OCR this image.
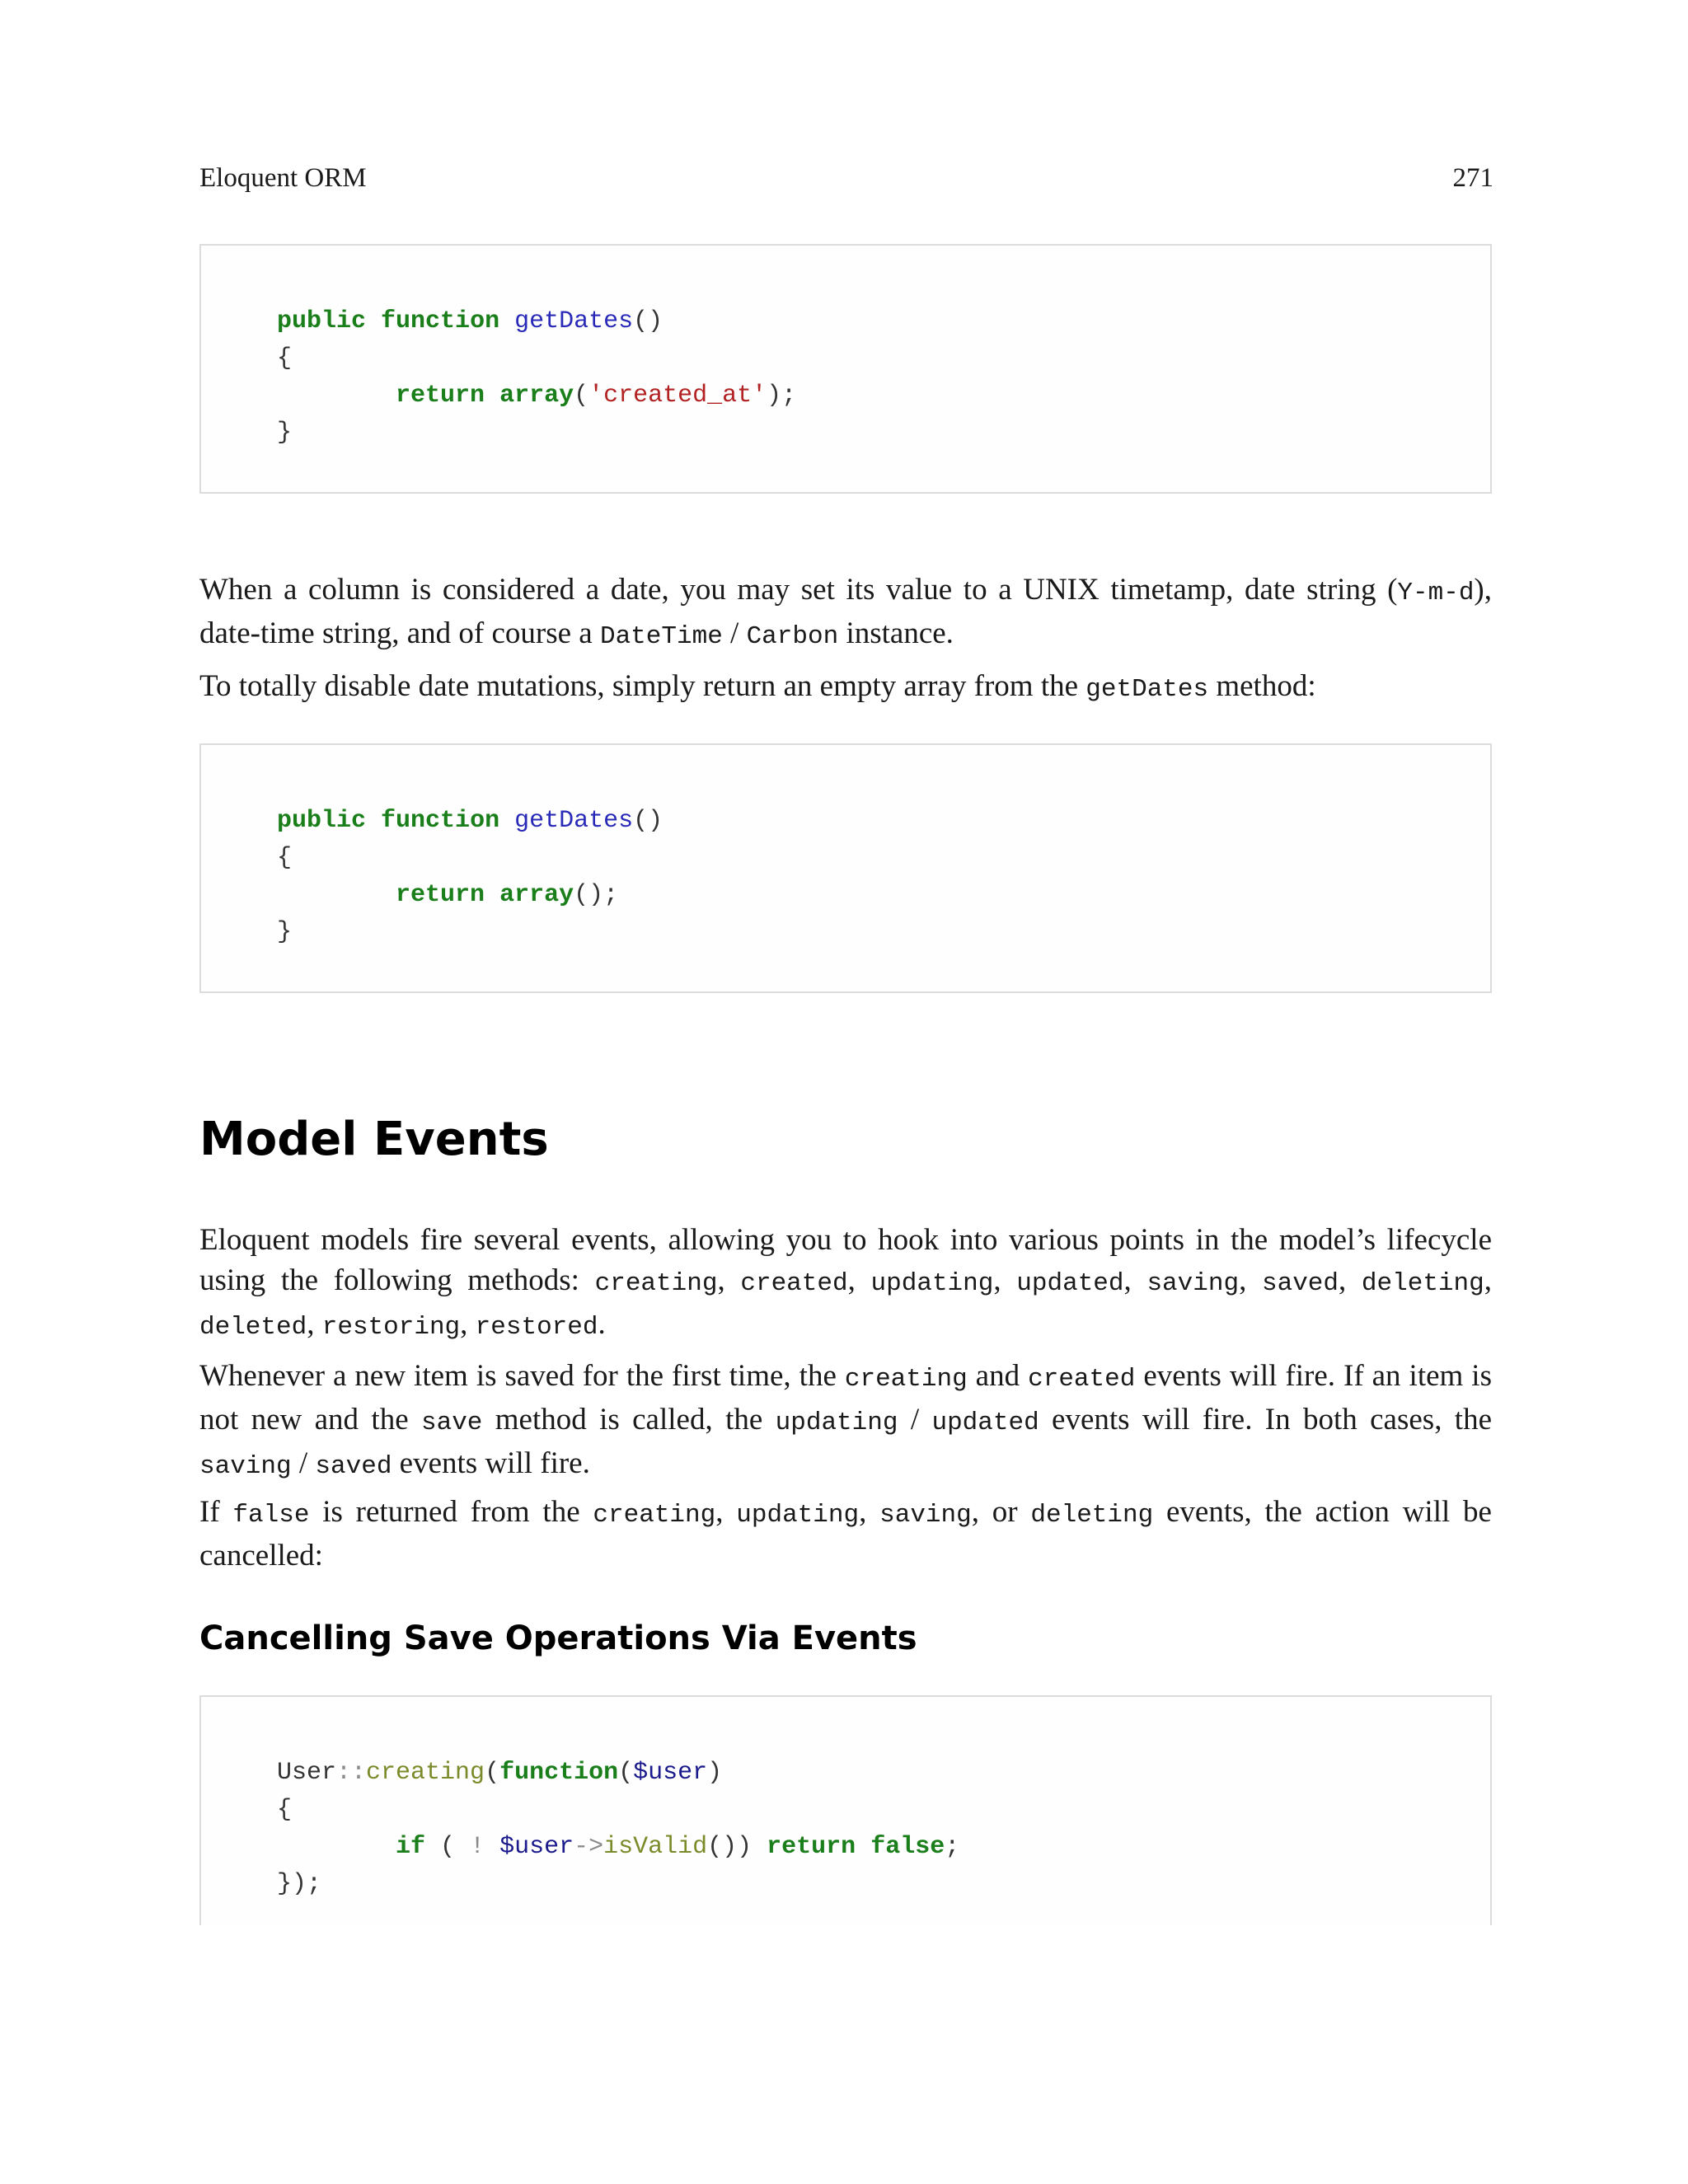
Eloquent ORM	271
public function getDates()
{
return array('created_at');
}

When a column is considered a date, you may set its value to a UNIX timetamp, date string (Y-m-d), date-time string, and of course a DateTime / Carbon instance.

To totally disable date mutations, simply return an empty array from the getDates method:

public function getDates()
{
return array();
}
Model Events

Eloquent models fire several events, allowing you to hook into various points in the model’s lifecycle using the following methods: creating, created, updating, updated, saving, saved, deleting, deleted, restoring, restored.

Whenever a new item is saved for the first time, the creating and created events will fire. If an item is not new and the save method is called, the updating / updated events will fire. In both cases, the saving / saved events will fire.

If false is returned from the creating, updating, saving, or deleting events, the action will be cancelled:

Cancelling Save Operations Via Events
User::creating(function($user)
{
if ( ! $user->isValid()) return false;
});
